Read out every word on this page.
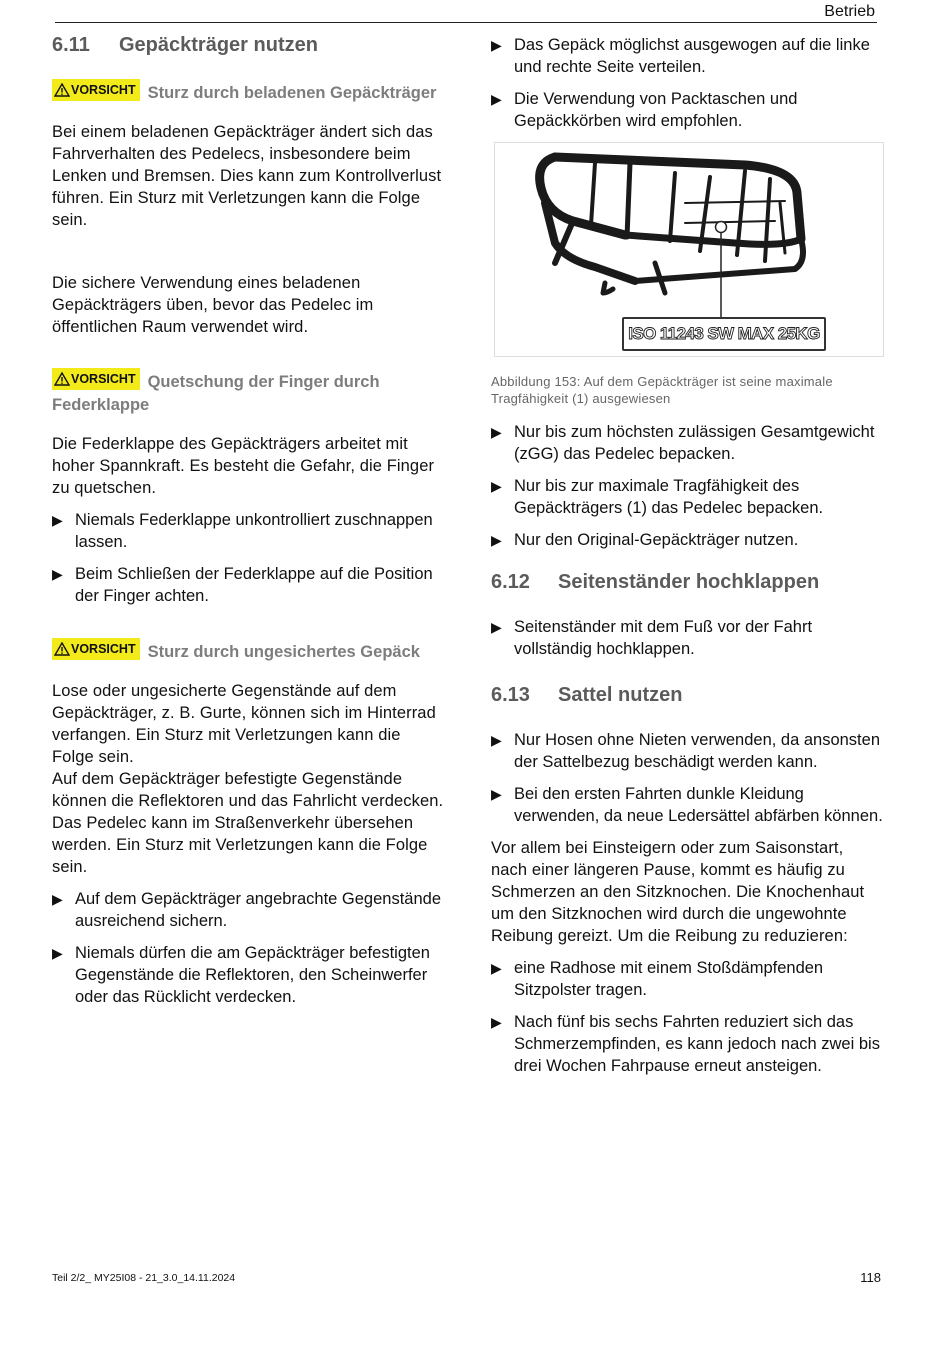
Betrieb
6.11	Gepäckträger nutzen
VORSICHT Sturz durch beladenen Gepäckträger

Bei einem beladenen Gepäckträger ändert sich das Fahrverhalten des Pedelecs, insbesondere beim Lenken und Bremsen. Dies kann zum Kontrollverlust führen. Ein Sturz mit Verletzungen kann die Folge sein.

Die sichere Verwendung eines beladenen Gepäckträgers üben, bevor das Pedelec im öffentlichen Raum verwendet wird.

VORSICHT Quetschung der Finger durch Federklappe

Die Federklappe des Gepäckträgers arbeitet mit hoher Spannkraft. Es besteht die Gefahr, die Finger zu quetschen.

▶ Niemals Federklappe unkontrolliert zuschnappen lassen.
▶ Beim Schließen der Federklappe auf die Position der Finger achten.
VORSICHT Sturz durch ungesichertes Gepäck

Lose oder ungesicherte Gegenstände auf dem Gepäckträger, z. B. Gurte, können sich im Hinterrad verfangen. Ein Sturz mit Verletzungen kann die Folge sein.

Auf dem Gepäckträger befestigte Gegenstände können die Reflektoren und das Fahrlicht verdecken. Das Pedelec kann im Straßenverkehr übersehen werden. Ein Sturz mit Verletzungen kann die Folge sein.

▶ Auf dem Gepäckträger angebrachte Gegenstände ausreichend sichern.
▶ Niemals dürfen die am Gepäckträger befestigten Gegenstände die Reflektoren, den Scheinwerfer oder das Rücklicht verdecken.
▶ Das Gepäck möglichst ausgewogen auf die linke und rechte Seite verteilen.
▶ Die Verwendung von Packtaschen und Gepäckkörben wird empfohlen.
ISO 11243 SW MAX 25KG
Abbildung 153: Auf dem Gepäckträger ist seine maximale Tragfähigkeit (1) ausgewiesen
▶ Nur bis zum höchsten zulässigen Gesamtgewicht (zGG) das Pedelec bepacken.
▶ Nur bis zur maximale Tragfähigkeit des Gepäckträgers (1) das Pedelec bepacken.
▶ Nur den Original-Gepäckträger nutzen.
6.12	Seitenständer hochklappen
▶ Seitenständer mit dem Fuß vor der Fahrt vollständig hochklappen.
6.13	Sattel nutzen
▶ Nur Hosen ohne Nieten verwenden, da ansonsten der Sattelbezug beschädigt werden kann.
▶ Bei den ersten Fahrten dunkle Kleidung verwenden, da neue Ledersättel abfärben können.

Vor allem bei Einsteigern oder zum Saisonstart, nach einer längeren Pause, kommt es häufig zu Schmerzen an den Sitzknochen. Die Knochenhaut um den Sitzknochen wird durch die ungewohnte Reibung gereizt. Um die Reibung zu reduzieren:

▶ eine Radhose mit einem Stoßdämpfenden Sitzpolster tragen.
▶ Nach fünf bis sechs Fahrten reduziert sich das Schmerzempfinden, es kann jedoch nach zwei bis drei Wochen Fahrpause erneut ansteigen.
Teil 2/2_ MY25I08 - 21_3.0_14.11.2024	118
